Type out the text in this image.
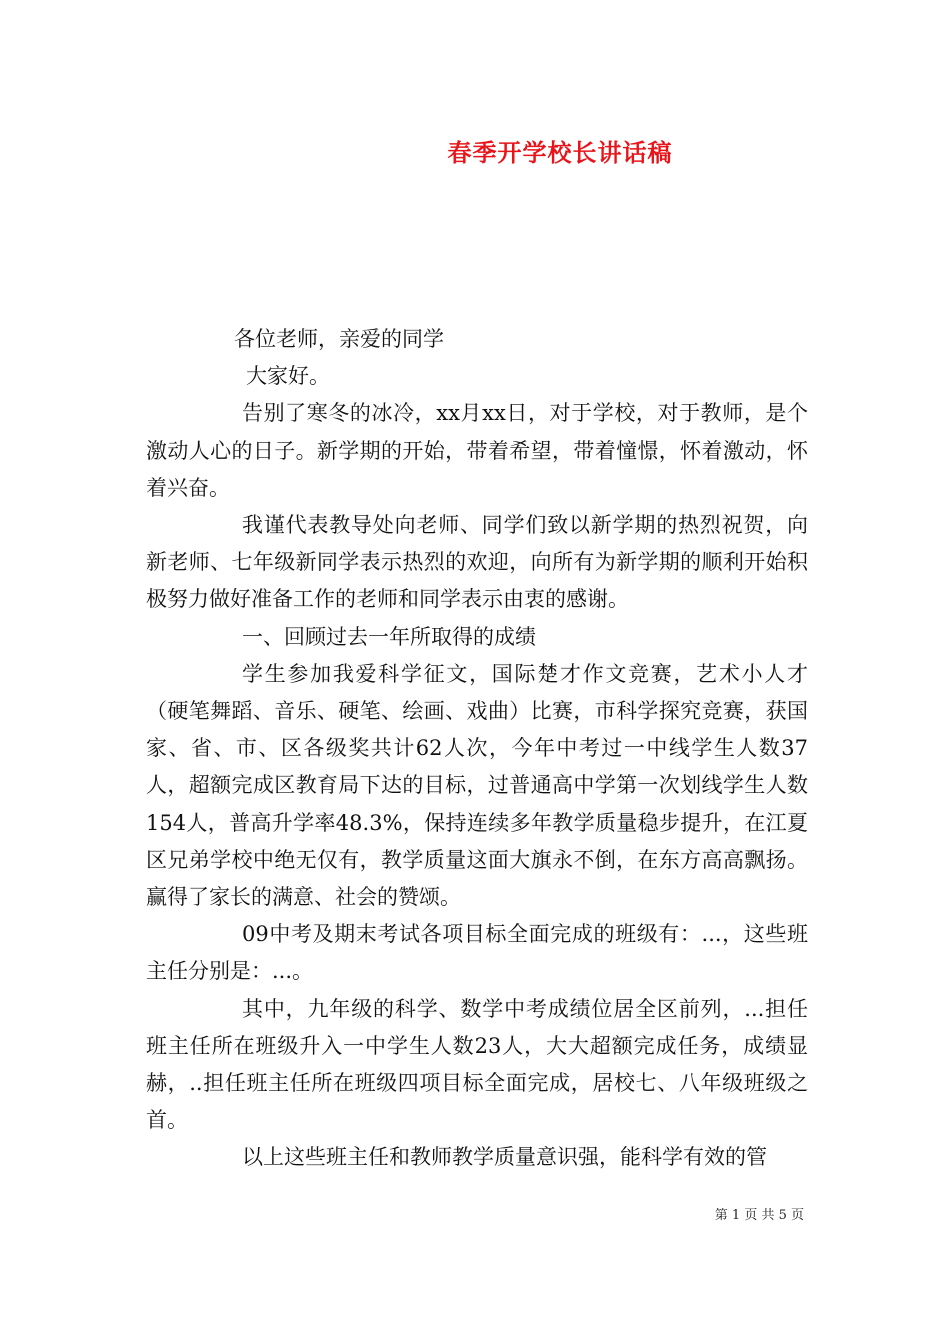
春季开学校长讲话稿

各位老师，亲爱的同学

大家好。

告别了寒冬的冰冷，xx月xx日，对于学校，对于教师，是个激动人心的日子。新学期的开始，带着希望，带着憧憬，怀着激动，怀着兴奋。

我谨代表教导处向老师、同学们致以新学期的热烈祝贺，向新老师、七年级新同学表示热烈的欢迎，向所有为新学期的顺利开始积极努力做好准备工作的老师和同学表示由衷的感谢。

一、回顾过去一年所取得的成绩

学生参加我爱科学征文，国际楚才作文竞赛，艺术小人才（硬笔舞蹈、音乐、硬笔、绘画、戏曲）比赛，市科学探究竞赛，获国家、省、市、区各级奖共计62人次，今年中考过一中线学生人数37人，超额完成区教育局下达的目标，过普通高中学第一次划线学生人数154人，普高升学率48.3%，保持连续多年教学质量稳步提升，在江夏区兄弟学校中绝无仅有，教学质量这面大旗永不倒，在东方高高飘扬。赢得了家长的满意、社会的赞颂。

09中考及期末考试各项目标全面完成的班级有：...，这些班主任分别是：...。

其中，九年级的科学、数学中考成绩位居全区前列，...担任班主任所在班级升入一中学生人数23人，大大超额完成任务，成绩显赫，..担任班主任所在班级四项目标全面完成，居校七、八年级班级之首。

以上这些班主任和教师教学质量意识强，能科学有效的管

第 1 页 共 5 页
